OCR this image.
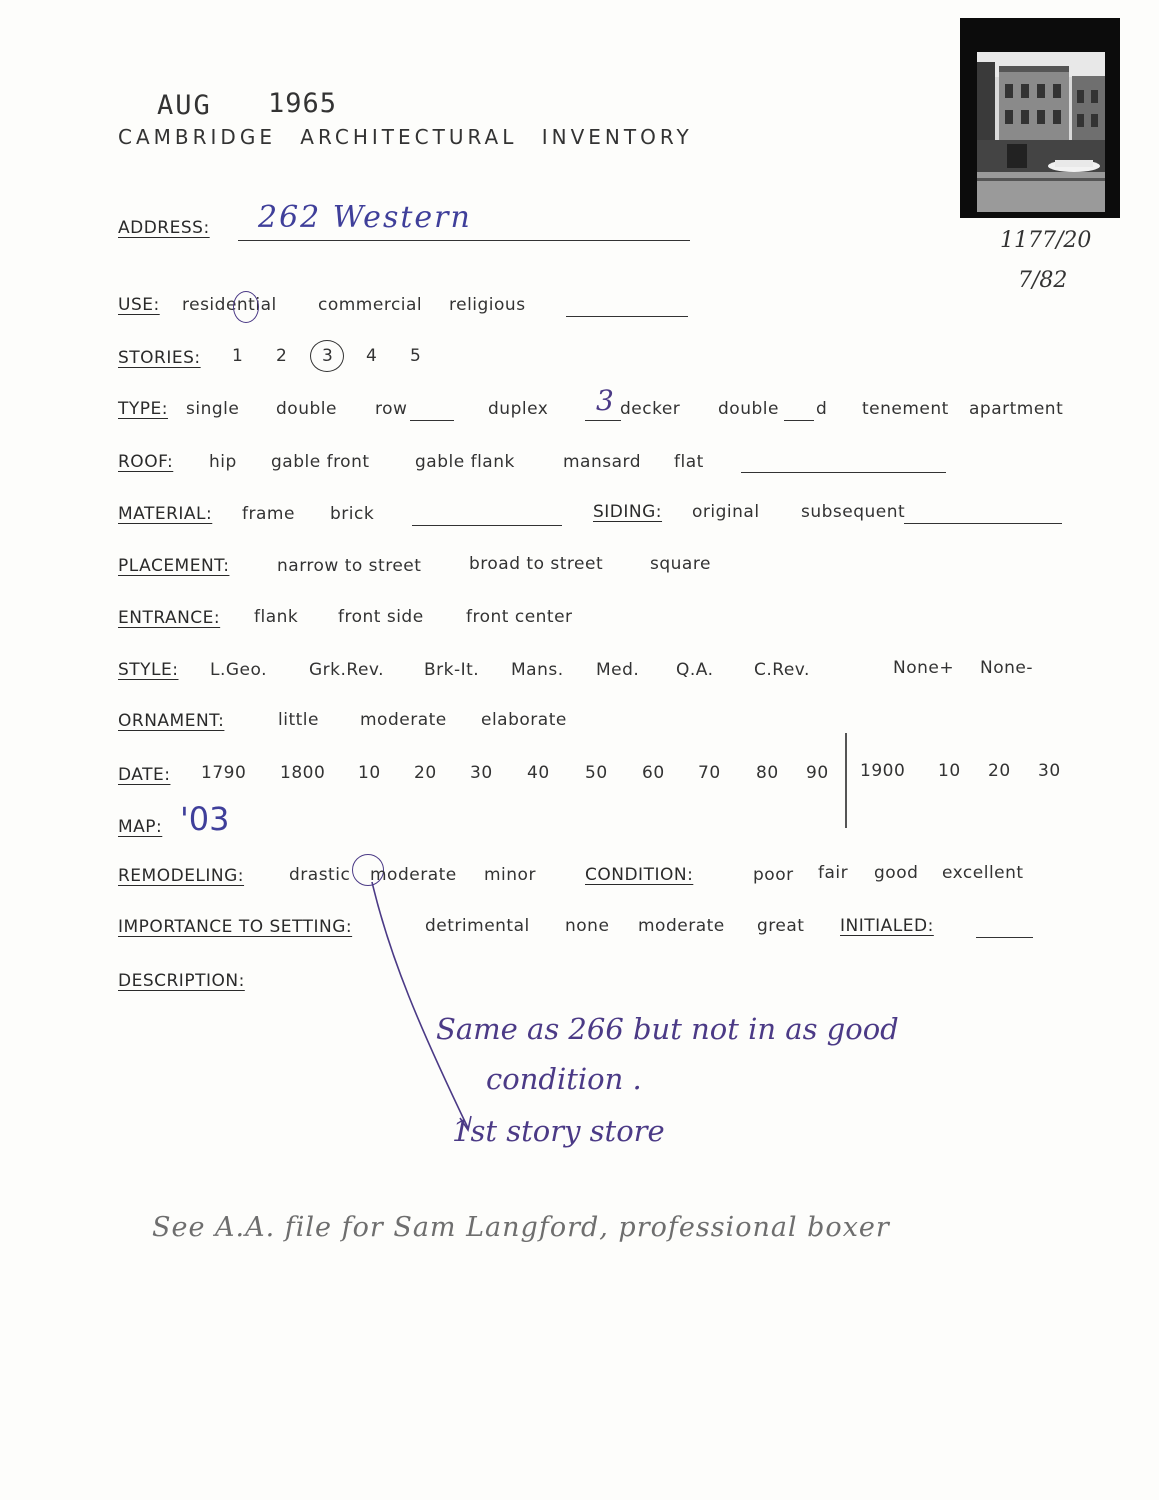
AUG 1965
CAMBRIDGE ARCHITECTURAL INVENTORY
1177/20
7/82
ADDRESS: 262 Western
USE: residential commercial religious
STORIES: 1 2 3 4 5
TYPE: single double row	duplex 3 decker double d tenement apartment
ROOF: hip gable front	gable flank	mansard flat
MATERIAL: frame brick	SIDING: original subsequent
PLACEMENT:	narrow to street	broad to street	square
ENTRANCE: flank front side front center
STYLE: L.Geo. Grk.Rev. Brk-It. Mans. Med. Q.A. C.Rev.	None+ None-
ORNAMENT:	little moderate elaborate
DATE: 1790 1800 10 20 30 40 50 60 70 80 90 1900 10 20 30
MAP: '03
REMODELING:	drastic moderate minor	CONDITION:	poor fair good excellent
IMPORTANCE TO SETTING:	detrimental none moderate great INITIALED:
DESCRIPTION:
Same as 266 but not in as good
condition .
1st story store
See A.A. file for Sam Langford, professional boxer
